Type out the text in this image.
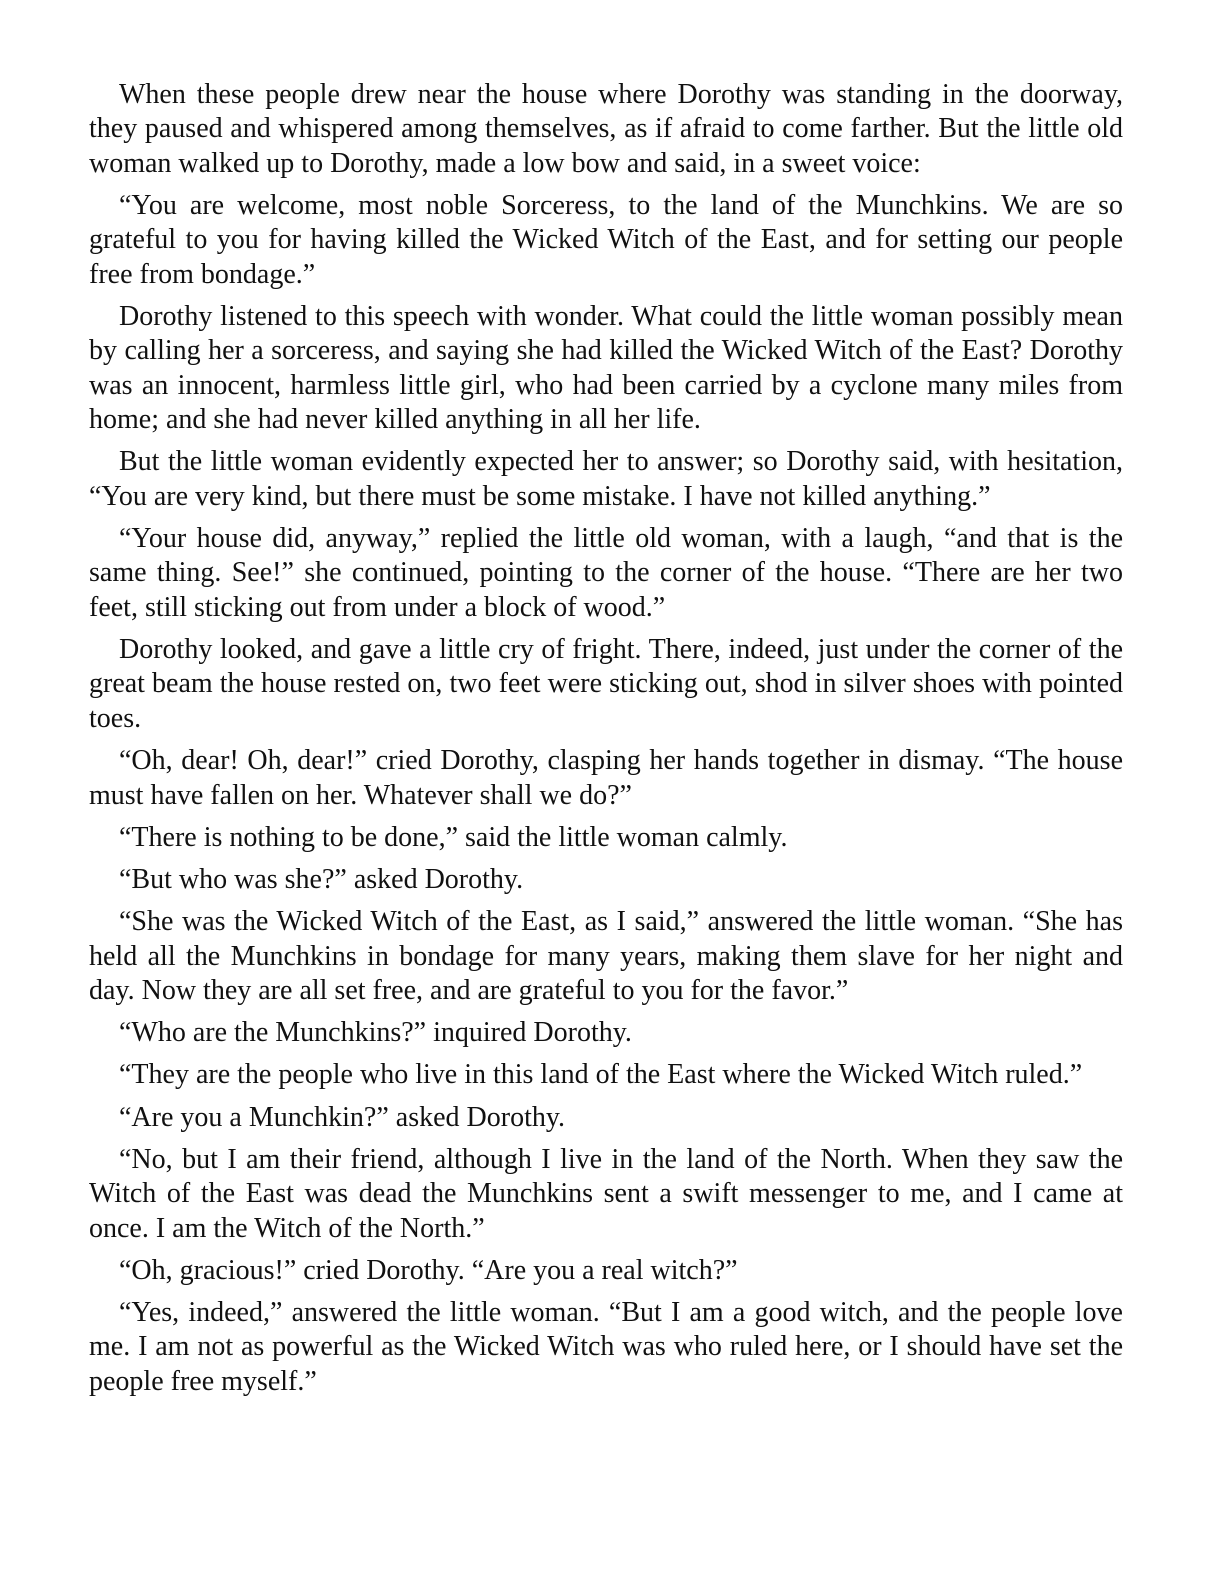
When these people drew near the house where Dorothy was standing in the doorway, they paused and whispered among themselves, as if afraid to come farther. But the little old woman walked up to Dorothy, made a low bow and said, in a sweet voice:

“You are welcome, most noble Sorceress, to the land of the Munchkins. We are so grateful to you for having killed the Wicked Witch of the East, and for setting our people free from bondage.”

Dorothy listened to this speech with wonder. What could the little woman possibly mean by calling her a sorceress, and saying she had killed the Wicked Witch of the East? Dorothy was an innocent, harmless little girl, who had been carried by a cyclone many miles from home; and she had never killed anything in all her life.

But the little woman evidently expected her to answer; so Dorothy said, with hesitation, “You are very kind, but there must be some mistake. I have not killed anything.”

“Your house did, anyway,” replied the little old woman, with a laugh, “and that is the same thing. See!” she continued, pointing to the corner of the house. “There are her two feet, still sticking out from under a block of wood.”

Dorothy looked, and gave a little cry of fright. There, indeed, just under the corner of the great beam the house rested on, two feet were sticking out, shod in silver shoes with pointed toes.

“Oh, dear! Oh, dear!” cried Dorothy, clasping her hands together in dismay. “The house must have fallen on her. Whatever shall we do?”

“There is nothing to be done,” said the little woman calmly.

“But who was she?” asked Dorothy.

“She was the Wicked Witch of the East, as I said,” answered the little woman. “She has held all the Munchkins in bondage for many years, making them slave for her night and day. Now they are all set free, and are grateful to you for the favor.”

“Who are the Munchkins?” inquired Dorothy.

“They are the people who live in this land of the East where the Wicked Witch ruled.”

“Are you a Munchkin?” asked Dorothy.

“No, but I am their friend, although I live in the land of the North. When they saw the Witch of the East was dead the Munchkins sent a swift messenger to me, and I came at once. I am the Witch of the North.”

“Oh, gracious!” cried Dorothy. “Are you a real witch?”

“Yes, indeed,” answered the little woman. “But I am a good witch, and the people love me. I am not as powerful as the Wicked Witch was who ruled here, or I should have set the people free myself.”
